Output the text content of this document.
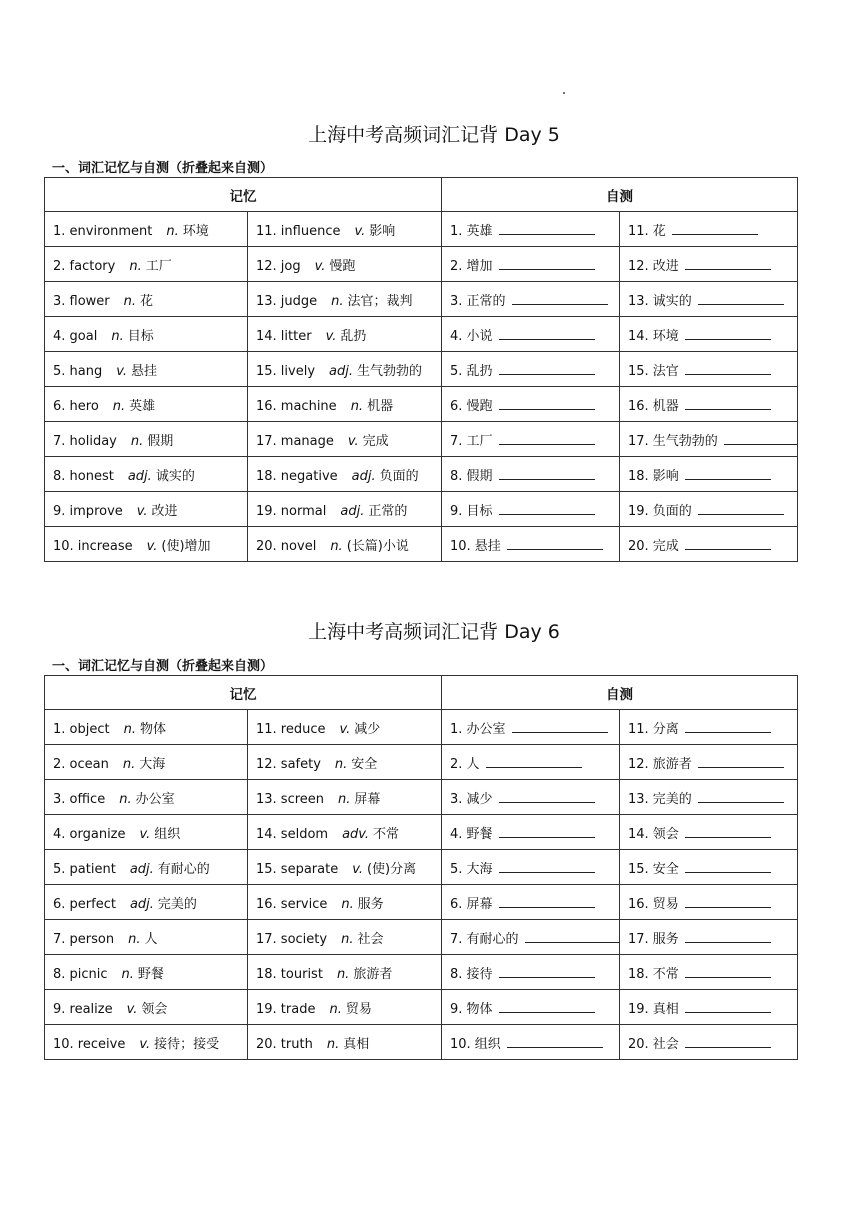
上海中考高频词汇记背 Day 5
一、词汇记忆与自测（折叠起来自测）
记忆		自测	
1. environment n. 环境	11. influence v. 影响	1. 英雄	11. 花
2. factory n. 工厂	12. jog v. 慢跑	2. 增加	12. 改进
3. flower n. 花	13. judge n. 法官；裁判	3. 正常的	13. 诚实的
4. goal n. 目标	14. litter v. 乱扔	4. 小说	14. 环境
5. hang v. 悬挂	15. lively adj. 生气勃勃的	5. 乱扔	15. 法官
6. hero n. 英雄	16. machine n. 机器	6. 慢跑	16. 机器
7. holiday n. 假期	17. manage v. 完成	7. 工厂	17. 生气勃勃的
8. honest adj. 诚实的	18. negative adj. 负面的	8. 假期	18. 影响
9. improve v. 改进	19. normal adj. 正常的	9. 目标	19. 负面的
10. increase v. (使)增加	20. novel n. (长篇)小说	10. 悬挂	20. 完成
上海中考高频词汇记背 Day 6
一、词汇记忆与自测（折叠起来自测）
记忆		自测	
1. object n. 物体	11. reduce v. 减少	1. 办公室	11. 分离
2. ocean n. 大海	12. safety n. 安全	2. 人	12. 旅游者
3. office n. 办公室	13. screen n. 屏幕	3. 减少	13. 完美的
4. organize v. 组织	14. seldom adv. 不常	4. 野餐	14. 领会
5. patient adj. 有耐心的	15. separate v. (使)分离	5. 大海	15. 安全
6. perfect adj. 完美的	16. service n. 服务	6. 屏幕	16. 贸易
7. person n. 人	17. society n. 社会	7. 有耐心的	17. 服务
8. picnic n. 野餐	18. tourist n. 旅游者	8. 接待	18. 不常
9. realize v. 领会	19. trade n. 贸易	9. 物体	19. 真相
10. receive v. 接待；接受	20. truth n. 真相	10. 组织	20. 社会
